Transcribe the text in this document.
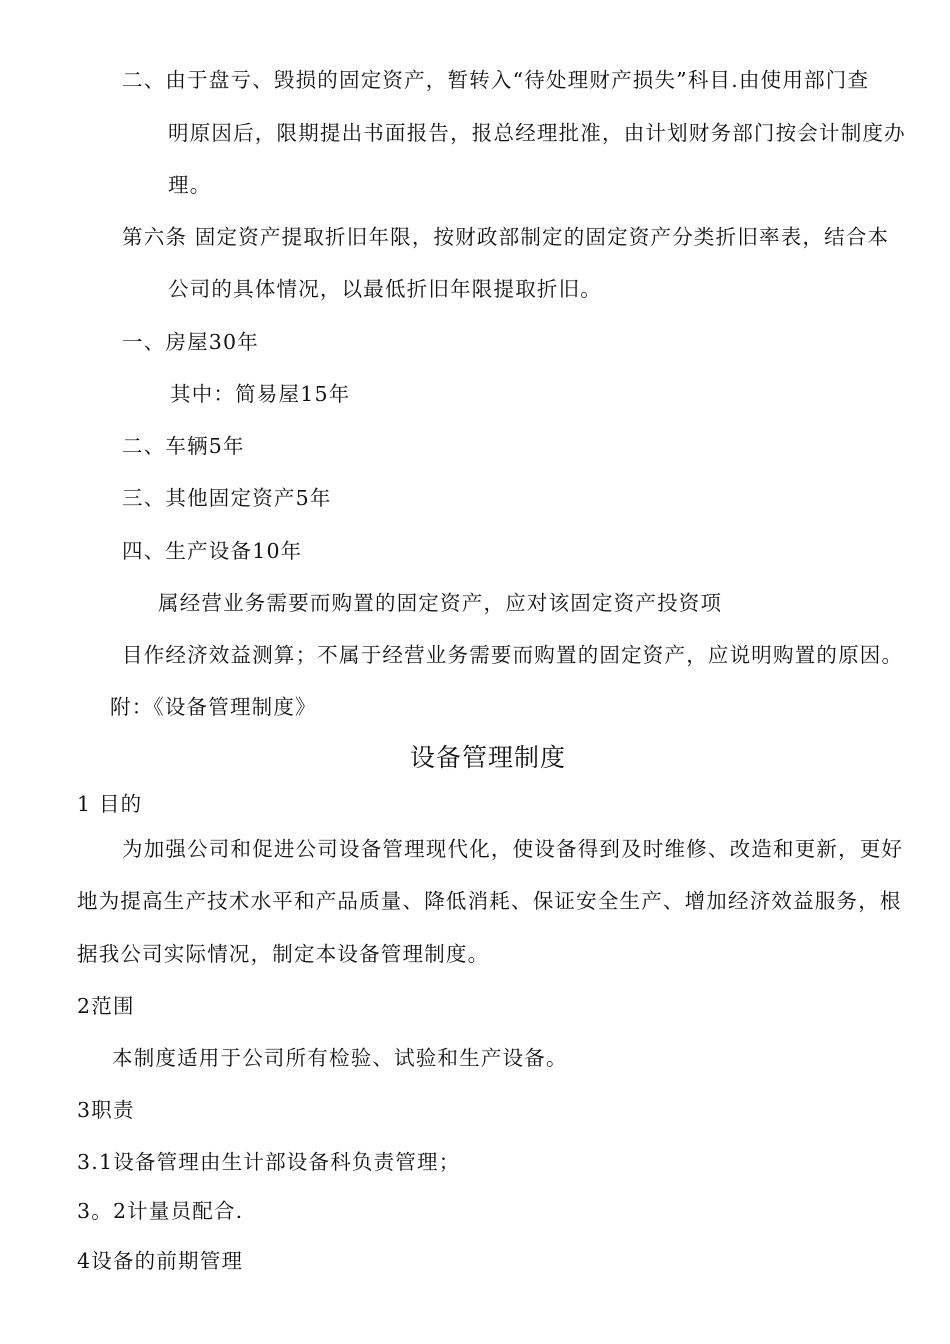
二、由于盘亏、毁损的固定资产，暂转入“待处理财产损失”科目.由使用部门查
明原因后，限期提出书面报告，报总经理批准，由计划财务部门按会计制度办
理。
第六条 固定资产提取折旧年限，按财政部制定的固定资产分类折旧率表，结合本
公司的具体情况，以最低折旧年限提取折旧。
一、房屋30年
其中：简易屋15年
二、车辆5年
三、其他固定资产5年
四、生产设备10年
属经营业务需要而购置的固定资产，应对该固定资产投资项
目作经济效益测算；不属于经营业务需要而购置的固定资产，应说明购置的原因。
附：《设备管理制度》
设备管理制度
1 目的
为加强公司和促进公司设备管理现代化，使设备得到及时维修、改造和更新，更好
地为提高生产技术水平和产品质量、降低消耗、保证安全生产、增加经济效益服务，根
据我公司实际情况，制定本设备管理制度。
2范围
本制度适用于公司所有检验、试验和生产设备。
3职责
3.1设备管理由生计部设备科负责管理；
3。2计量员配合.
4设备的前期管理
